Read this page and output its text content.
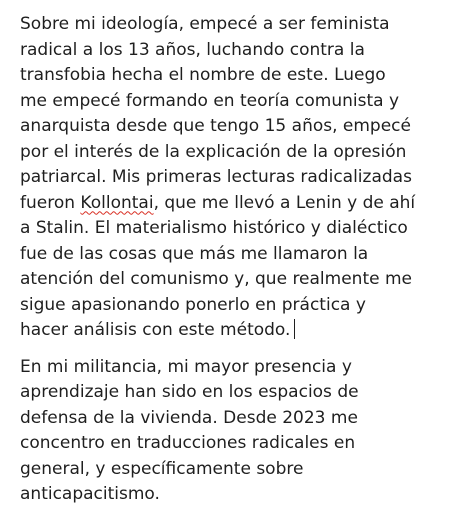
Sobre mi ideología, empecé a ser feminista
radical a los 13 años, luchando contra la
transfobia hecha el nombre de este. Luego
me empecé formando en teoría comunista y
anarquista desde que tengo 15 años, empecé
por el interés de la explicación de la opresión
patriarcal. Mis primeras lecturas radicalizadas
fueron Kollontai, que me llevó a Lenin y de ahí
a Stalin. El materialismo histórico y dialéctico
fue de las cosas que más me llamaron la
atención del comunismo y, que realmente me
sigue apasionando ponerlo en práctica y
hacer análisis con este método.
En mi militancia, mi mayor presencia y
aprendizaje han sido en los espacios de
defensa de la vivienda. Desde 2023 me
concentro en traducciones radicales en
general, y específicamente sobre
anticapacitismo.
